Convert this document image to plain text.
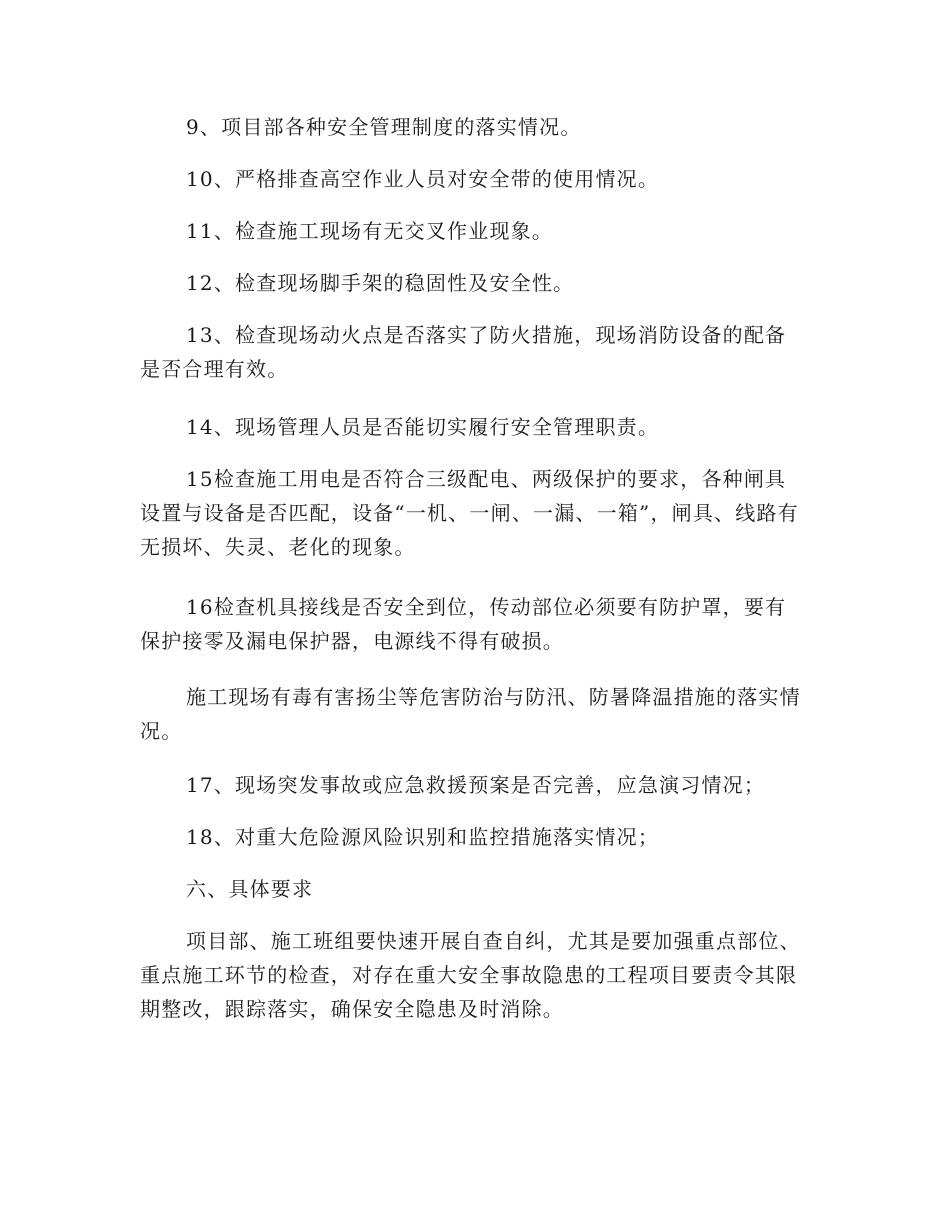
9、项目部各种安全管理制度的落实情况。

10、严格排查高空作业人员对安全带的使用情况。

11、检查施工现场有无交叉作业现象。

12、检查现场脚手架的稳固性及安全性。

13、检查现场动火点是否落实了防火措施，现场消防设备的配备是否合理有效。

14、现场管理人员是否能切实履行安全管理职责。

15检查施工用电是否符合三级配电、两级保护的要求，各种闸具设置与设备是否匹配，设备“一机、一闸、一漏、一箱”，闸具、线路有无损坏、失灵、老化的现象。

16检查机具接线是否安全到位，传动部位必须要有防护罩，要有保护接零及漏电保护器，电源线不得有破损。

施工现场有毒有害扬尘等危害防治与防汛、防暑降温措施的落实情况。

17、现场突发事故或应急救援预案是否完善，应急演习情况；

18、对重大危险源风险识别和监控措施落实情况；

六、具体要求

项目部、施工班组要快速开展自查自纠，尤其是要加强重点部位、重点施工环节的检查，对存在重大安全事故隐患的工程项目要责令其限期整改，跟踪落实，确保安全隐患及时消除。
